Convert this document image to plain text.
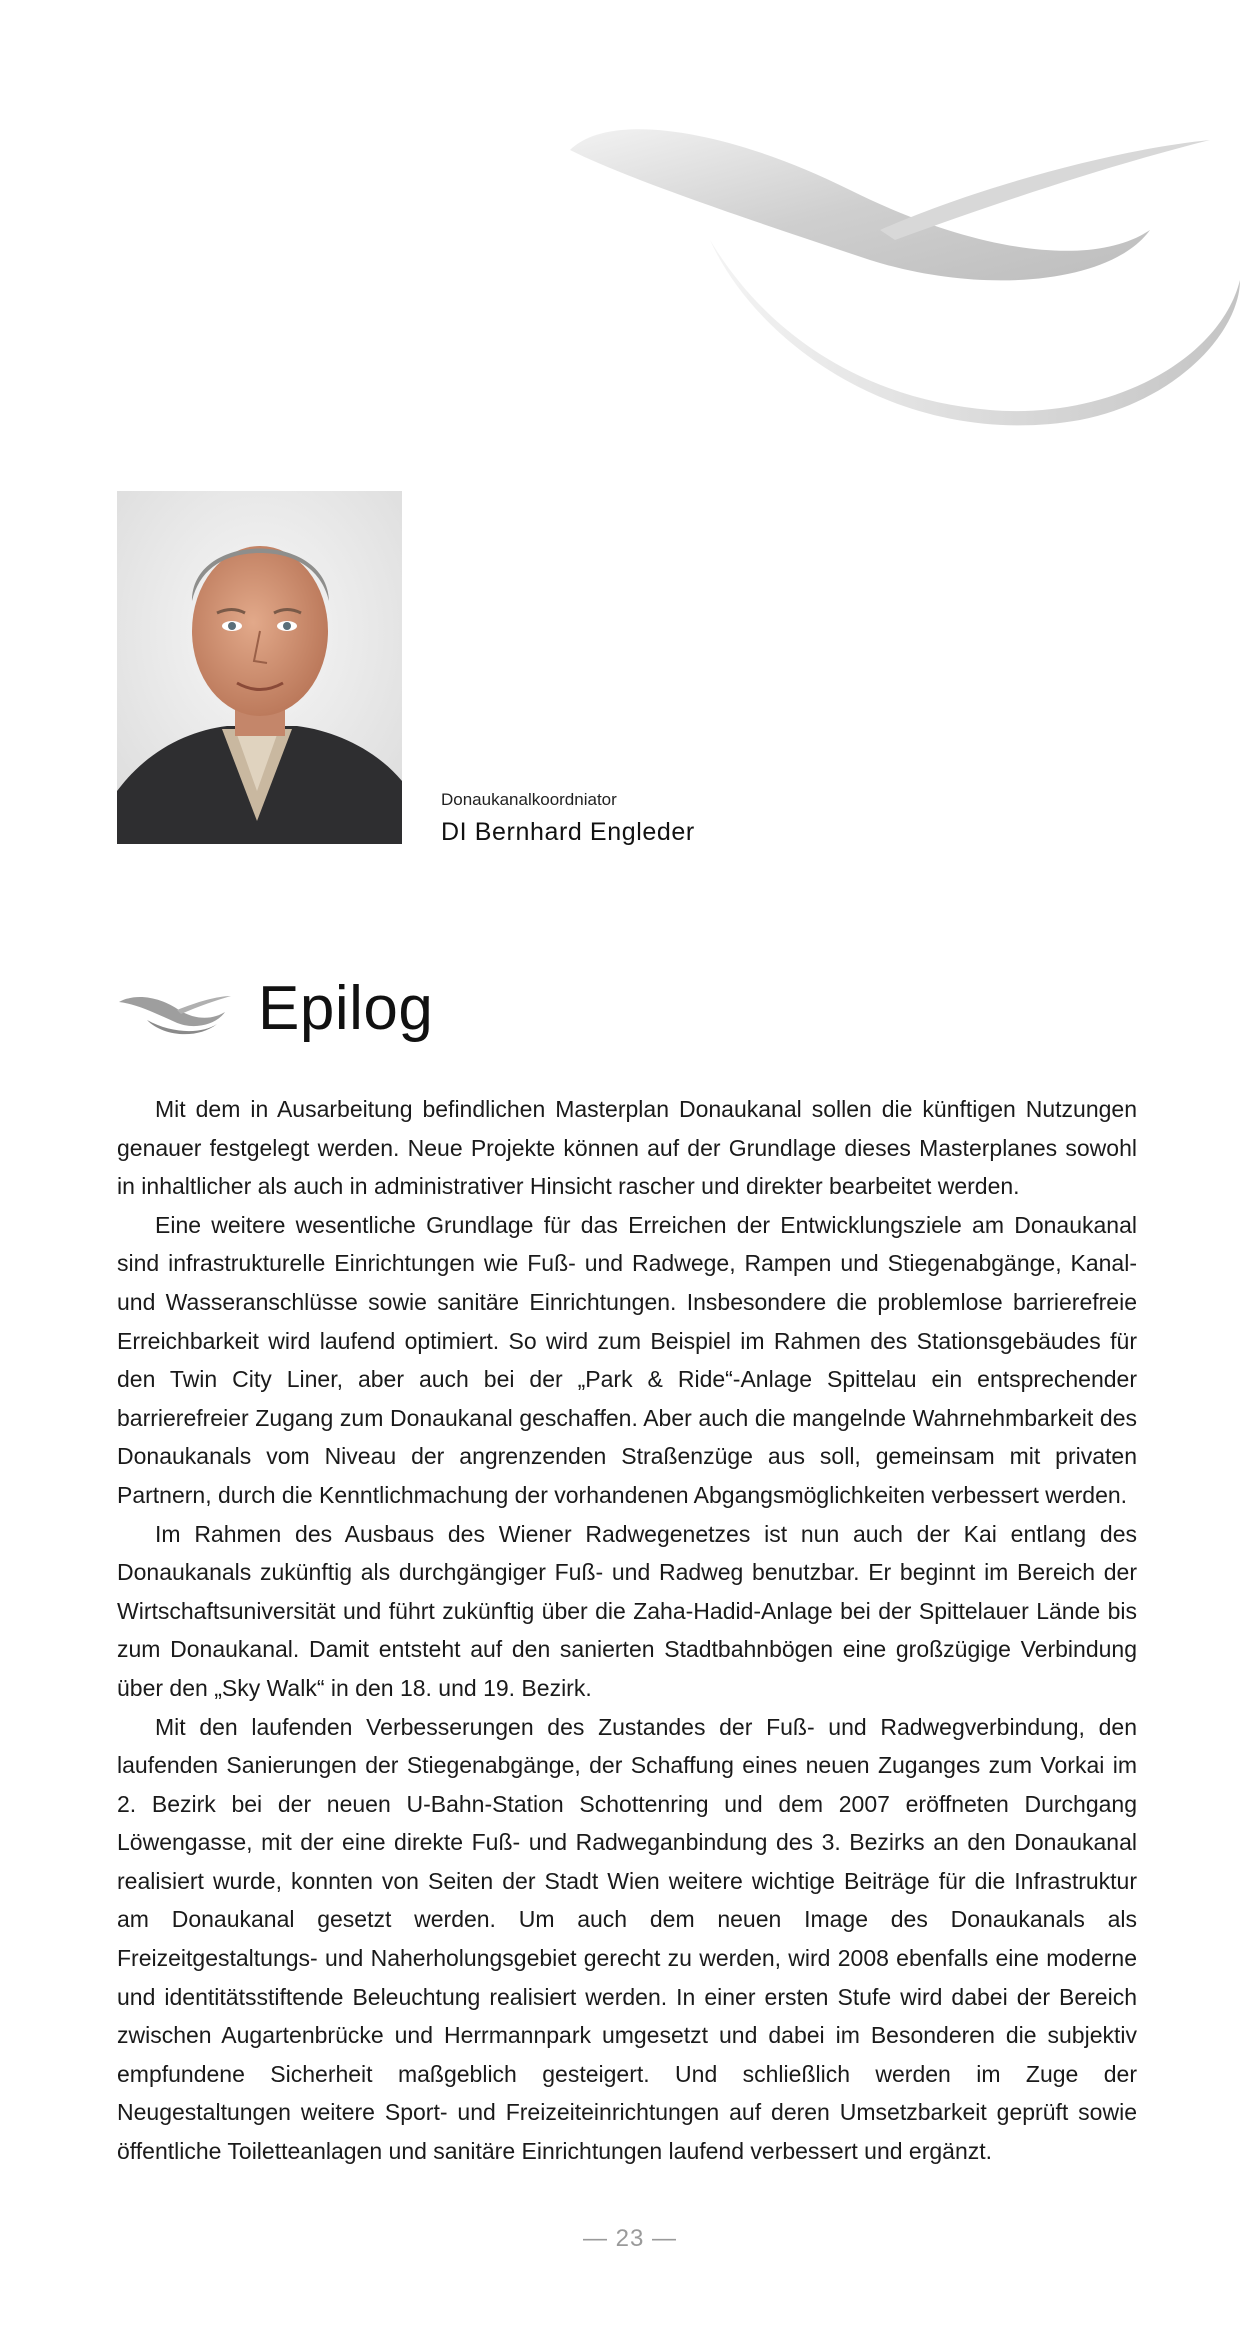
Donaukanalkoordniator
DI Bernhard Engleder
Epilog

Mit dem in Ausarbeitung befindlichen Masterplan Donaukanal sollen die künftigen Nutzungen genauer festgelegt werden. Neue Projekte können auf der Grundlage dieses Masterplanes sowohl in inhaltlicher als auch in administrativer Hinsicht rascher und direkter bearbeitet werden.

Eine weitere wesentliche Grundlage für das Erreichen der Entwicklungsziele am Donaukanal sind infrastrukturelle Einrichtungen wie Fuß- und Radwege, Rampen und Stiegenabgänge, Kanal- und Wasseranschlüsse sowie sanitäre Einrichtungen. Insbesondere die problemlose barrierefreie Erreichbarkeit wird laufend optimiert. So wird zum Beispiel im Rahmen des Stationsgebäudes für den Twin City Liner, aber auch bei der „Park & Ride“-Anlage Spittelau ein entsprechender barrierefreier Zugang zum Donaukanal geschaffen. Aber auch die mangelnde Wahrnehmbarkeit des Donaukanals vom Niveau der angrenzenden Straßenzüge aus soll, gemeinsam mit privaten Partnern, durch die Kenntlichmachung der vorhandenen Abgangsmöglichkeiten verbessert werden.

Im Rahmen des Ausbaus des Wiener Radwegenetzes ist nun auch der Kai entlang des Donaukanals zukünftig als durchgängiger Fuß- und Radweg benutzbar. Er beginnt im Bereich der Wirtschaftsuniversität und führt zukünftig über die Zaha-Hadid-Anlage bei der Spittelauer Lände bis zum Donaukanal. Damit entsteht auf den sanierten Stadtbahnbögen eine großzügige Verbindung über den „Sky Walk“ in den 18. und 19. Bezirk.

Mit den laufenden Verbesserungen des Zustandes der Fuß- und Radwegverbindung, den laufenden Sanierungen der Stiegenabgänge, der Schaffung eines neuen Zuganges zum Vorkai im 2. Bezirk bei der neuen U-Bahn-Station Schottenring und dem 2007 eröffneten Durchgang Löwengasse, mit der eine direkte Fuß- und Radweganbindung des 3. Bezirks an den Donaukanal realisiert wurde, konnten von Seiten der Stadt Wien weitere wichtige Beiträge für die Infrastruktur am Donaukanal gesetzt werden. Um auch dem neuen Image des Donaukanals als Freizeitgestaltungs- und Naherholungsgebiet gerecht zu werden, wird 2008 ebenfalls eine moderne und identitätsstiftende Beleuchtung realisiert werden. In einer ersten Stufe wird dabei der Bereich zwischen Augartenbrücke und Herrmannpark umgesetzt und dabei im Besonderen die subjektiv empfundene Sicherheit maßgeblich gesteigert. Und schließlich werden im Zuge der Neugestaltungen weitere Sport- und Freizeiteinrichtungen auf deren Umsetzbarkeit geprüft sowie öffentliche Toiletteanlagen und sanitäre Einrichtungen laufend verbessert und ergänzt.

— 23 —
